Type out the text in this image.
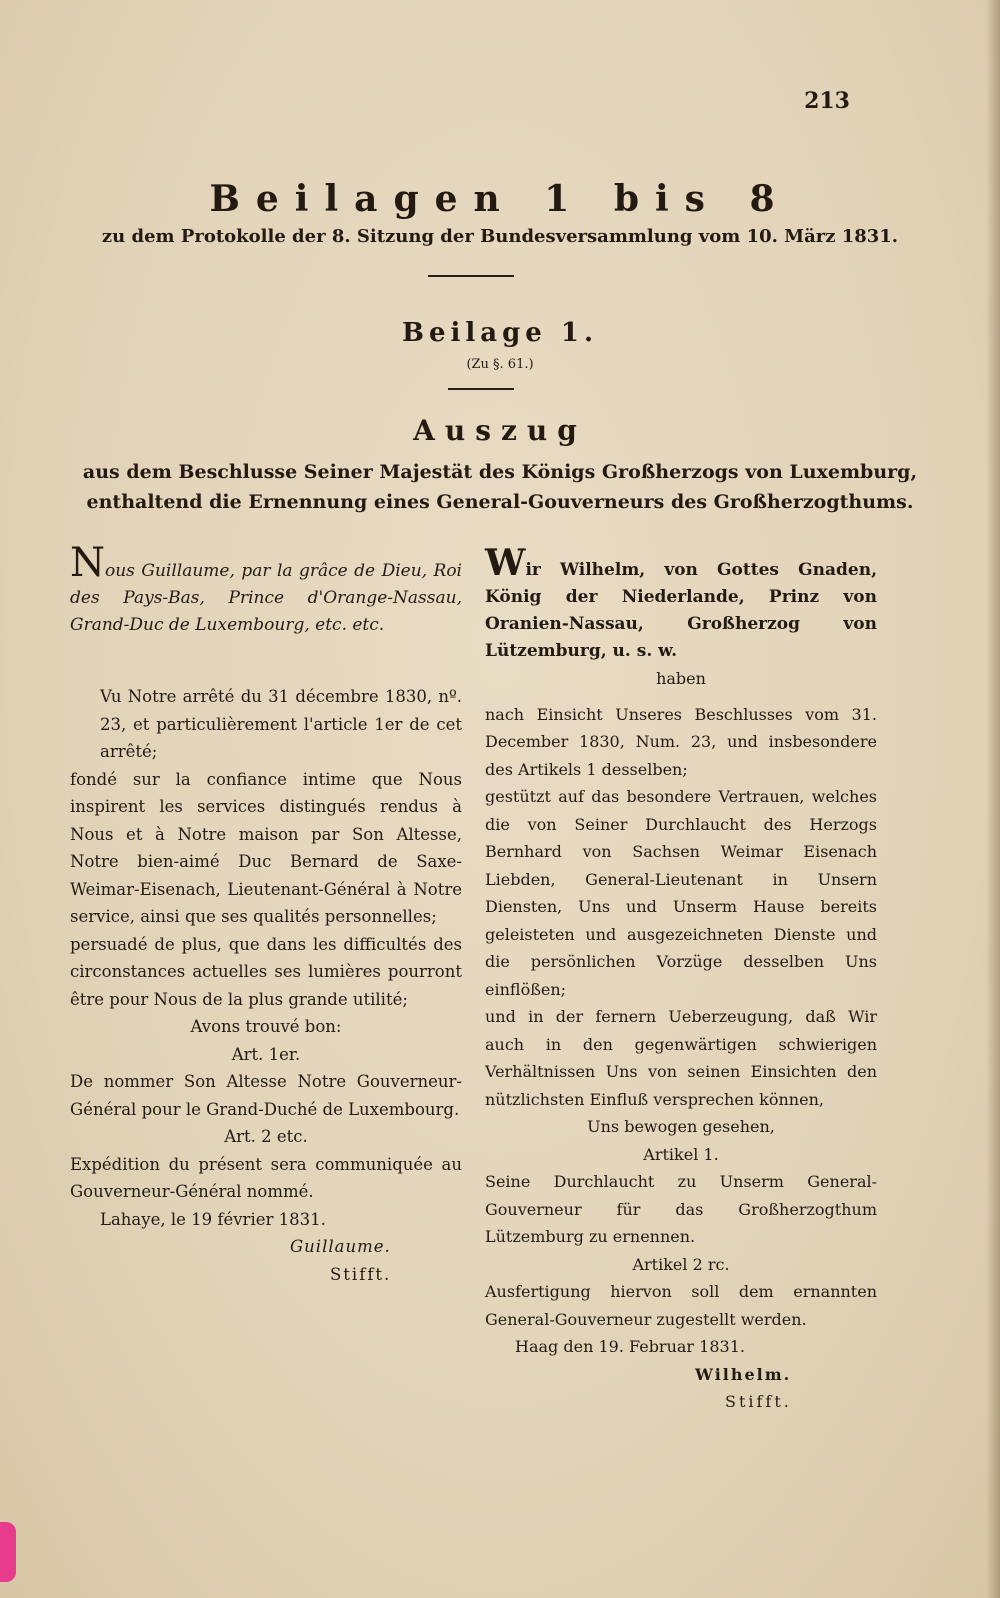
213
Beilagen 1 bis 8
zu dem Protokolle der 8. Sitzung der Bundesversammlung vom 10. März 1831.
Beilage 1.
(Zu §. 61.)
Auszug
aus dem Beschlusse Seiner Majestät des Königs Großherzogs von Luxemburg,
enthaltend die Ernennung eines General-Gouverneurs des Großherzogthums.

Nous Guillaume, par la grâce de Dieu, Roi des Pays-Bas, Prince d'Orange-Nassau, Grand-Duc de Luxembourg, etc. etc.

Vu Notre arrêté du 31 décembre 1830, nº. 23, et particulièrement l'article 1er de cet arrêté;

fondé sur la confiance intime que Nous inspirent les services distingués rendus à Nous et à Notre maison par Son Altesse, Notre bien-aimé Duc Bernard de Saxe-Weimar-Eisenach, Lieutenant-Général à Notre service, ainsi que ses qualités personnelles;

persuadé de plus, que dans les difficultés des circonstances actuelles ses lumières pourront être pour Nous de la plus grande utilité;

Avons trouvé bon:

Art. 1er.

De nommer Son Altesse Notre Gouverneur-Général pour le Grand-Duché de Luxembourg.

Art. 2 etc.

Expédition du présent sera communiquée au Gouverneur-Général nommé.

Lahaye, le 19 février 1831.

Guillaume.

Stifft.

Wir Wilhelm, von Gottes Gnaden, König der Niederlande, Prinz von Oranien-Nassau, Großherzog von Lützemburg, u. s. w.

haben

nach Einsicht Unseres Beschlusses vom 31. December 1830, Num. 23, und insbesondere des Artikels 1 desselben;

gestützt auf das besondere Vertrauen, welches die von Seiner Durchlaucht des Herzogs Bernhard von Sachsen Weimar Eisenach Liebden, General-Lieutenant in Unsern Diensten, Uns und Unserm Hause bereits geleisteten und ausgezeichneten Dienste und die persönlichen Vorzüge desselben Uns einflößen;

und in der fernern Ueberzeugung, daß Wir auch in den gegenwärtigen schwierigen Verhältnissen Uns von seinen Einsichten den nützlichsten Einfluß versprechen können,

Uns bewogen gesehen,

Artikel 1.

Seine Durchlaucht zu Unserm General-Gouverneur für das Großherzogthum Lützemburg zu ernennen.

Artikel 2 rc.

Ausfertigung hiervon soll dem ernannten General-Gouverneur zugestellt werden.

Haag den 19. Februar 1831.

Wilhelm.

Stifft.
